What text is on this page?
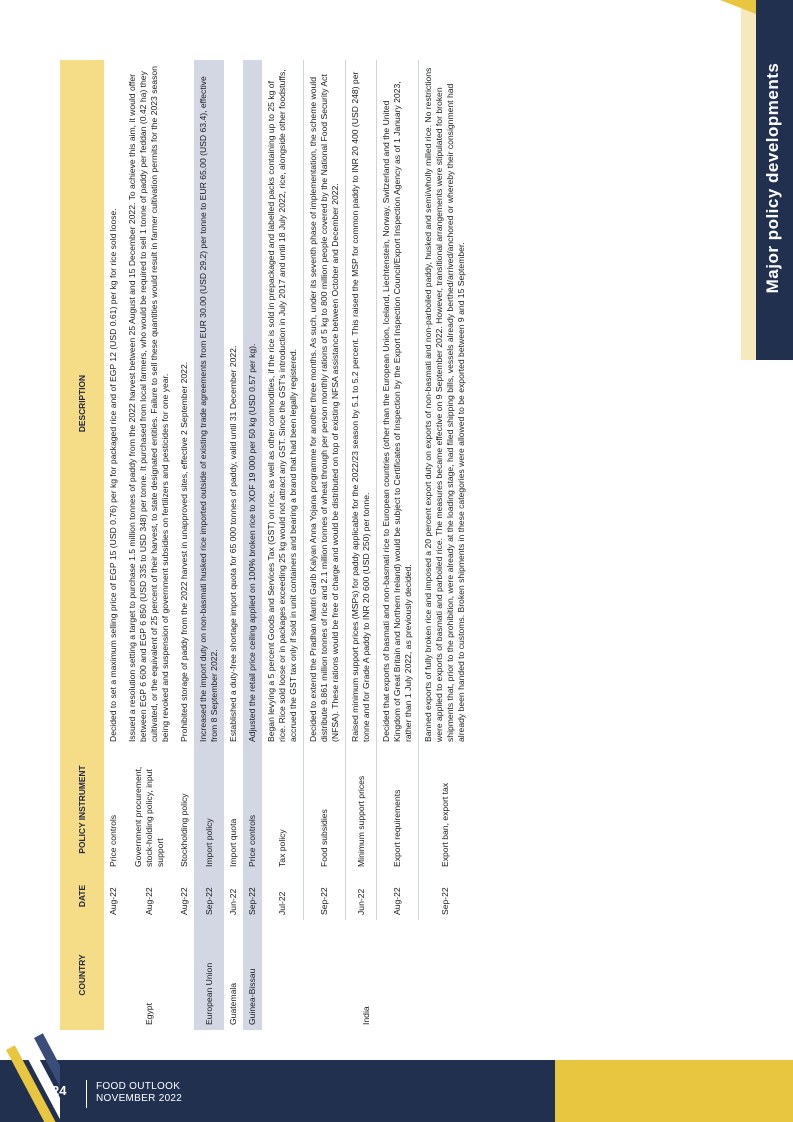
Major policy developments
COUNTRY	DATE	POLICY INSTRUMENT	DESCRIPTION
Egypt	Aug-22	Price controls	Decided to set a maximum selling price of EGP 15 (USD 0.76) per kg for packaged rice and of EGP 12 (USD 0.61) per kg for rice sold loose.
	Aug-22	Government procurement, stock-holding policy, input support	Issued a resolution setting a target to purchase 1.5 million tonnes of paddy from the 2022 harvest between 25 August and 15 December 2022. To achieve this aim, it would offer between EGP 6 600 and EGP 6 850 (USD 335 to USD 348) per tonne. It purchased from local farmers, who would be required to sell 1 tonne of paddy per feddan (0.42 ha) they cultivated, or the equivalent of 25 percent of their harvest, to state designated entities. Failure to sell these quantities would result in farmer cultivation permits for the 2023 season being revoked and suspension of government subsidies on fertilizers and pesticides for one year.
	Aug-22	Stockholding policy	Prohibited storage of paddy from the 2022 harvest in unapproved sites, effective 2 September 2022.
European Union	Sep-22	Import policy	Increased the import duty on non-basmati husked rice imported outside of existing trade agreements from EUR 30.00 (USD 29.2) per tonne to EUR 65.00 (USD 63.4), effective from 8 September 2022.
Guatemala	Jun-22	Import quota	Established a duty-free shortage import quota for 65 000 tonnes of paddy, valid until 31 December 2022.
Guinea-Bissau	Sep-22	Price controls	Adjusted the retail price ceiling applied on 100% broken rice to XOF 19 000 per 50 kg (USD 0.57 per kg).
India	Jul-22	Tax policy	Began levying a 5 percent Goods and Services Tax (GST) on rice, as well as other commodities, if the rice is sold in prepackaged and labelled packs containing up to 25 kg of rice. Rice sold loose or in packages exceeding 25 kg would not attract any GST. Since the GST's introduction in July 2017 and until 18 July 2022, rice, alongside other foodstuffs, accrued the GST tax only if sold in unit containers and bearing a brand that had been legally registered.
	Sep-22	Food subsidies	Decided to extend the Pradhan Mantri Garib Kalyan Anna Yojana programme for another three months. As such, under its seventh phase of implementation, the scheme would distribute 9.861 million tonnes of rice and 2.1 million tonnes of wheat through per person monthly rations of 5 kg to 800 million people covered by the National Food Security Act (NFSA). These rations would be free of charge and would be distributed on top of existing NFSA assistance between October and December 2022.
	Jun-22	Minimum support prices	Raised minimum support prices (MSPs) for paddy applicable for the 2022/23 season by 5.1 to 5.2 percent. This raised the MSP for common paddy to INR 20 400 (USD 248) per tonne and for Grade A paddy to INR 20 600 (USD 250) per tonne.
	Aug-22	Export requirements	Decided that exports of basmati and non-basmati rice to European countries (other than the European Union, Iceland, Liechtenstein, Norway, Switzerland and the United Kingdom of Great Britain and Northern Ireland) would be subject to Certificates of Inspection by the Export Inspection Council/Export Inspection Agency as of 1 January 2023, rather than 1 July 2022, as previously decided.
	Sep-22	Export ban, export tax	Banned exports of fully broken rice and imposed a 20 percent export duty on exports of non-basmati and non-parboiled paddy, husked and semi/wholly milled rice. No restrictions were applied to exports of basmati and parboiled rice. The measures became effective on 9 September 2022. However, transitional arrangements were stipulated for broken shipments that, prior to the prohibition, were already at the loading stage, had filed shipping bills, vessels already berthed/arrived/anchored or whereby their consignment had already been handed to customs. Broken shipments in these categories were allowed to be exported between 9 and 15 September.
24	FOOD OUTLOOK
NOVEMBER 2022
